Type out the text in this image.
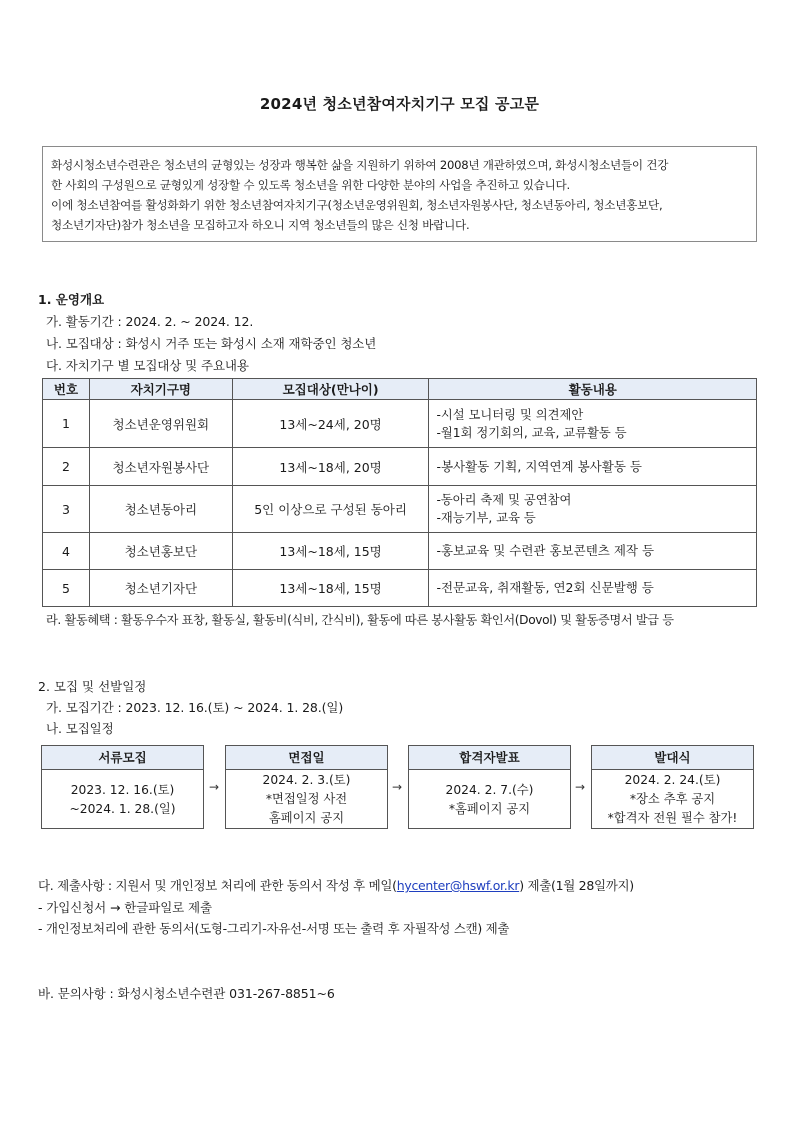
2024년 청소년참여자치기구 모집 공고문

화성시청소년수련관은 청소년의 균형있는 성장과 행복한 삶을 지원하기 위하여 2008년 개관하였으며, 화성시청소년들이 건강

한 사회의 구성원으로 균형있게 성장할 수 있도록 청소년을 위한 다양한 분야의 사업을 추진하고 있습니다.

이에 청소년참여를 활성화화기 위한 청소년참여자치기구(청소년운영위원회, 청소년자원봉사단, 청소년동아리, 청소년홍보단,

청소년기자단)참가 청소년을 모집하고자 하오니 지역 청소년들의 많은 신청 바랍니다.

1. 운영개요
가. 활동기간 : 2024. 2. ~ 2024. 12.
나. 모집대상 : 화성시 거주 또는 화성시 소재 재학중인 청소년
다. 자치기구 별 모집대상 및 주요내용
번호	자치기구명	모집대상(만나이)	활동내용
1	청소년운영위원회	13세~24세, 20명	-시설 모니터링 및 의견제안
-월1회 정기회의, 교육, 교류활동 등

2	청소년자원봉사단	13세~18세, 20명	-봉사활동 기획, 지역연계 봉사활동 등

3	청소년동아리	5인 이상으로 구성된 동아리	-동아리 축제 및 공연참여
-재능기부, 교육 등

4	청소년홍보단	13세~18세, 15명	-홍보교육 및 수련관 홍보콘텐츠 제작 등

5	청소년기자단	13세~18세, 15명	-전문교육, 취재활동, 연2회 신문발행 등
라. 활동혜택 : 활동우수자 표창, 활동실, 활동비(식비, 간식비), 활동에 따른 봉사활동 확인서(Dovol) 및 활동증명서 발급 등
2. 모집 및 선발일정
가. 모집기간 : 2023. 12. 16.(토) ~ 2024. 1. 28.(일)
나. 모집일정
서류모집
2023. 12. 16.(토)
~2024. 1. 28.(일)
→
면접일
2024. 2. 3.(토)
*면접일정 사전
홈페이지 공지
→
합격자발표
2024. 2. 7.(수)
*홈페이지 공지
→
발대식
2024. 2. 24.(토)
*장소 추후 공지
*합격자 전원 필수 참가!
다. 제출사항 : 지원서 및 개인정보 처리에 관한 동의서 작성 후 메일(hycenter@hswf.or.kr) 제출(1월 28일까지)
- 가입신청서 → 한글파일로 제출
- 개인정보처리에 관한 동의서(도형-그리기-자유선-서명 또는 출력 후 자필작성 스캔) 제출
바. 문의사항 : 화성시청소년수련관 031-267-8851~6
